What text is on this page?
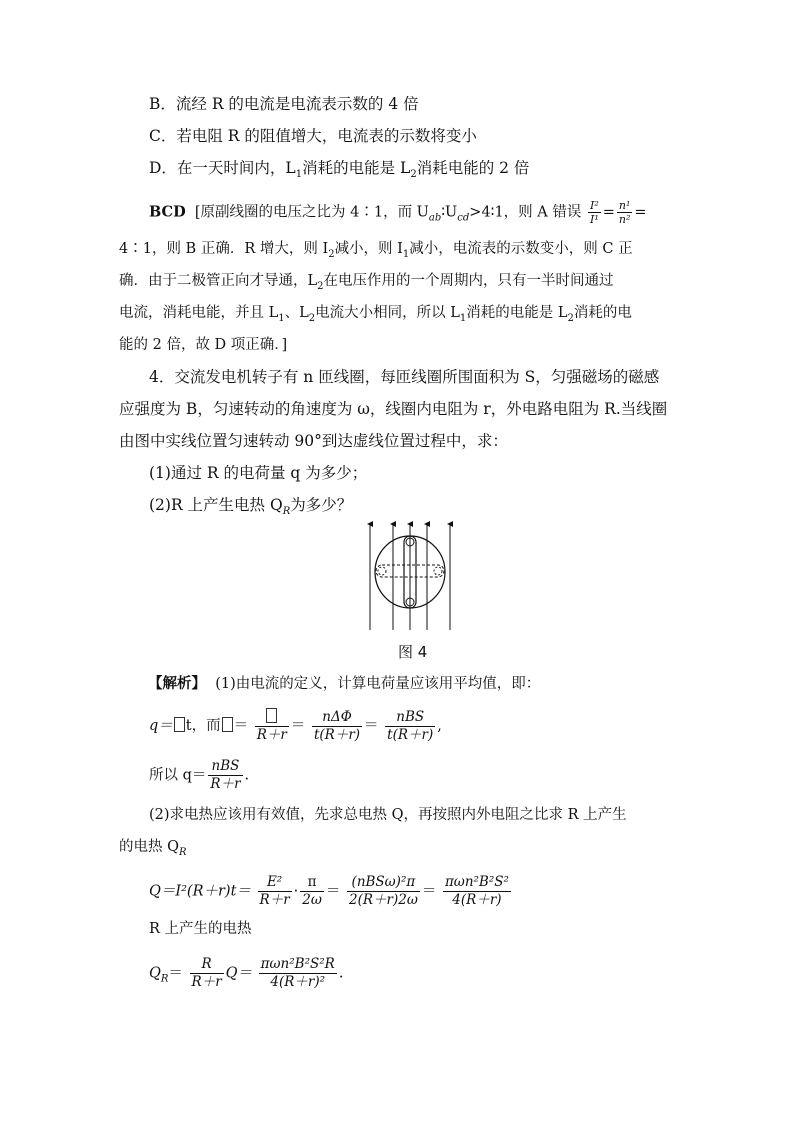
B．流经 R 的电流是电流表示数的 4 倍
C．若电阻 R 的阻值增大，电流表的示数将变小
D．在一天时间内，$L_1$消耗的电能是 $L_2$消耗电能的 2 倍
BCD [原副线圈的电压之比为 4∶1，而 $U_{ab}∶U_{cd}>4∶1$，则 A 错误 $\frac{\text{I²}}{\text{I¹}} = \frac{\text{n¹}}{\text{n²}}$ =
4∶1，则 B 正确．R 增大，则 $I_2$减小，则 $I_1$减小，电流表的示数变小，则 C 正
确．由于二极管正向才导通，$L_2$在电压作用的一个周期内，只有一半时间通过
电流，消耗电能，并且 $L_1$、$L_2$电流大小相同，所以 $L_1$消耗的电能是 $L_2$消耗的电
能的 2 倍，故 D 项正确．]
4．交流发电机转子有 n 匝线圈，每匝线圈所围面积为 S，匀强磁场的磁感
应强度为 B，匀速转动的角速度为 ω，线圈内电阻为 r，外电路电阻为 R.当线圈
由图中实线位置匀速转动 90°到达虚线位置过程中，求：
(1)通过 R 的电荷量 q 为多少；
(2)R 上产生电热 $Q_R$为多少？
图 4
【解析】 (1)由电流的定义，计算电荷量应该用平均值，即：
q＝ t，而 ＝
R＋r
＝ $\frac{\text{nΔΦ}}{t(R+r)} = \frac{\text{nBS}}{t(R+r)}$ ,
所以 $q= \frac{\text{nBS}}{R+r}$ .
(2)求电热应该用有效值，先求总电热 Q，再按照内外电阻之比求 R 上产生
的电热 $Q_R$
$Q=I^2(R+r)t= \frac{\text{E²}}{R+r} \cdot \frac{\pi}{2\omega} = \frac{\text{(nBSω)²π}}{2(R+r)2\omega} = \frac{\text{πωn²B²S²}}{4(R+r)}$
R 上产生的电热
$Q_R= \frac{R}{R+r} Q= \frac{\text{πωn²B²S²R}}{\text{4(R＋r)²}}$ .
